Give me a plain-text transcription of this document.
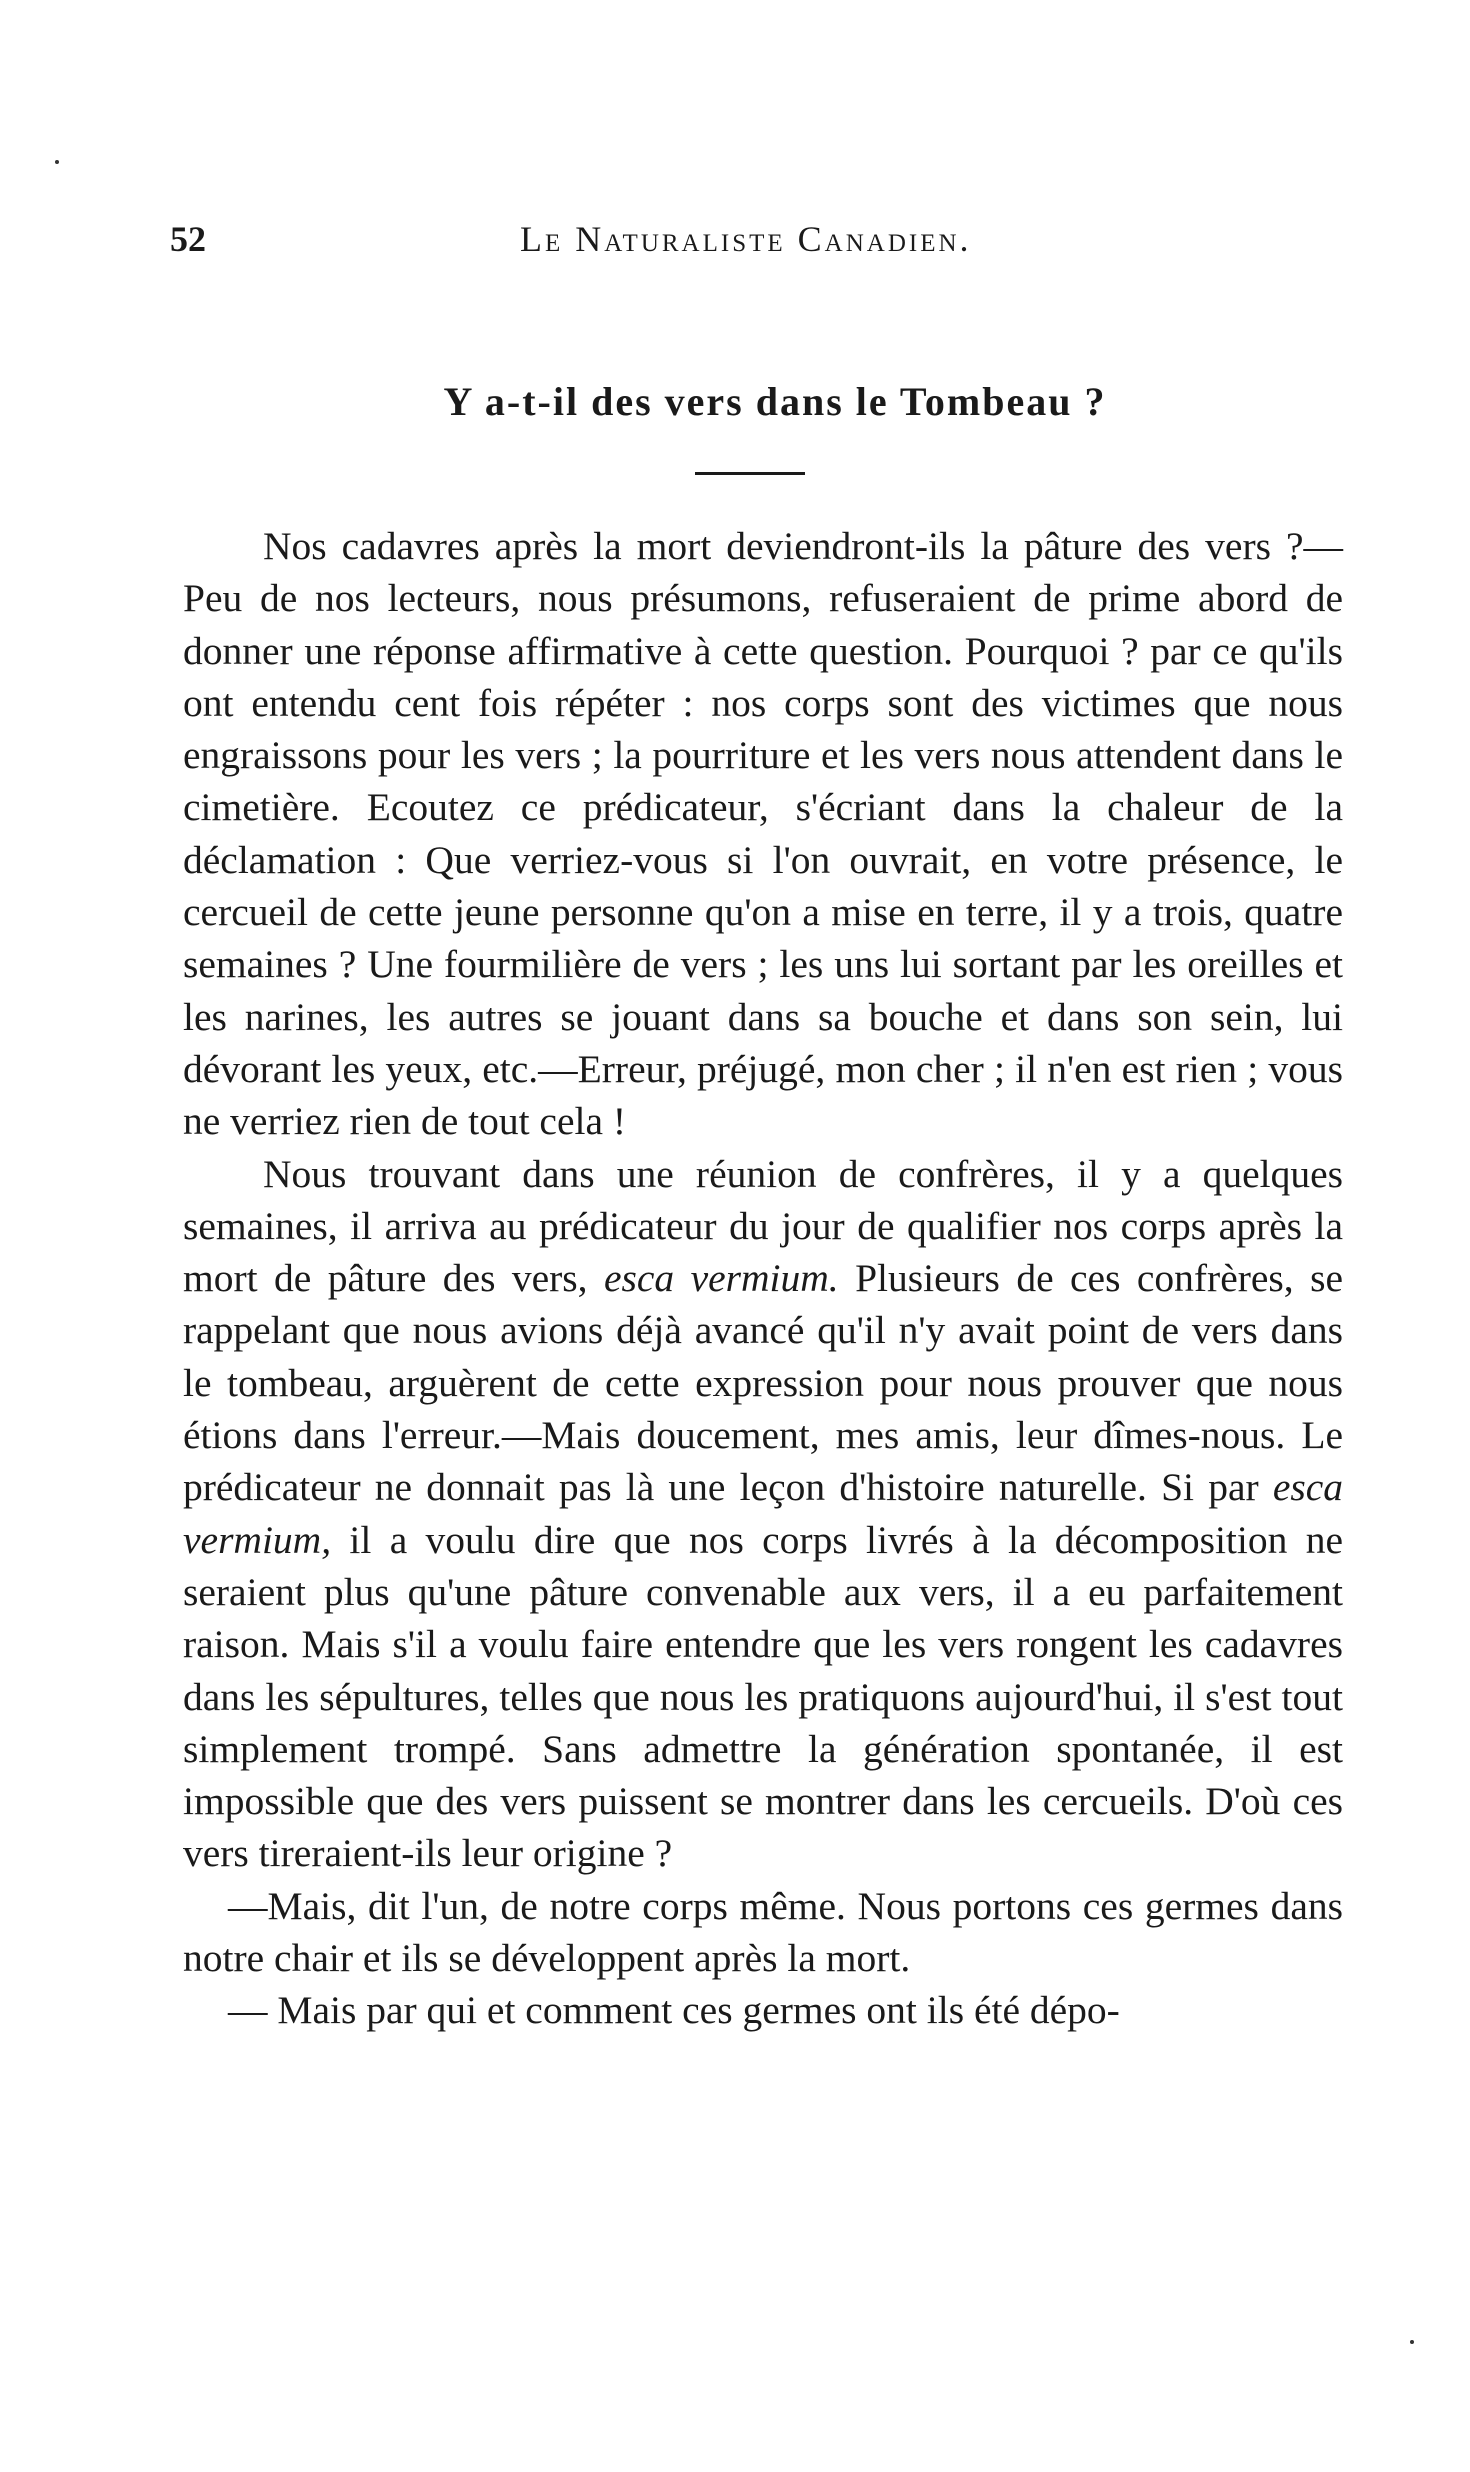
52	Le Naturaliste Canadien.
Y a-t-il des vers dans le Tombeau ?

Nos cadavres après la mort deviendront-ils la pâture des vers ?—Peu de nos lecteurs, nous présumons, refuseraient de prime abord de donner une réponse affirmative à cette question. Pourquoi ? par ce qu'ils ont entendu cent fois répéter : nos corps sont des victimes que nous engraissons pour les vers ; la pourriture et les vers nous attendent dans le cimetière. Ecoutez ce prédicateur, s'écriant dans la chaleur de la déclamation : Que verriez-vous si l'on ouvrait, en votre présence, le cercueil de cette jeune personne qu'on a mise en terre, il y a trois, quatre semaines ? Une fourmilière de vers ; les uns lui sortant par les oreilles et les narines, les autres se jouant dans sa bouche et dans son sein, lui dévorant les yeux, etc.—Erreur, préjugé, mon cher ; il n'en est rien ; vous ne verriez rien de tout cela !

Nous trouvant dans une réunion de confrères, il y a quelques semaines, il arriva au prédicateur du jour de qualifier nos corps après la mort de pâture des vers, esca vermium. Plusieurs de ces confrères, se rappelant que nous avions déjà avancé qu'il n'y avait point de vers dans le tombeau, arguèrent de cette expression pour nous prouver que nous étions dans l'erreur.—Mais doucement, mes amis, leur dîmes-nous. Le prédicateur ne donnait pas là une leçon d'histoire naturelle. Si par esca vermium, il a voulu dire que nos corps livrés à la décomposition ne seraient plus qu'une pâture convenable aux vers, il a eu parfaitement raison. Mais s'il a voulu faire entendre que les vers rongent les cadavres dans les sépultures, telles que nous les pratiquons aujourd'hui, il s'est tout simplement trompé. Sans admettre la génération spontanée, il est impossible que des vers puissent se montrer dans les cercueils. D'où ces vers tireraient-ils leur origine ?

—Mais, dit l'un, de notre corps même. Nous portons ces germes dans notre chair et ils se développent après la mort.

— Mais par qui et comment ces germes ont ils été dépo-
